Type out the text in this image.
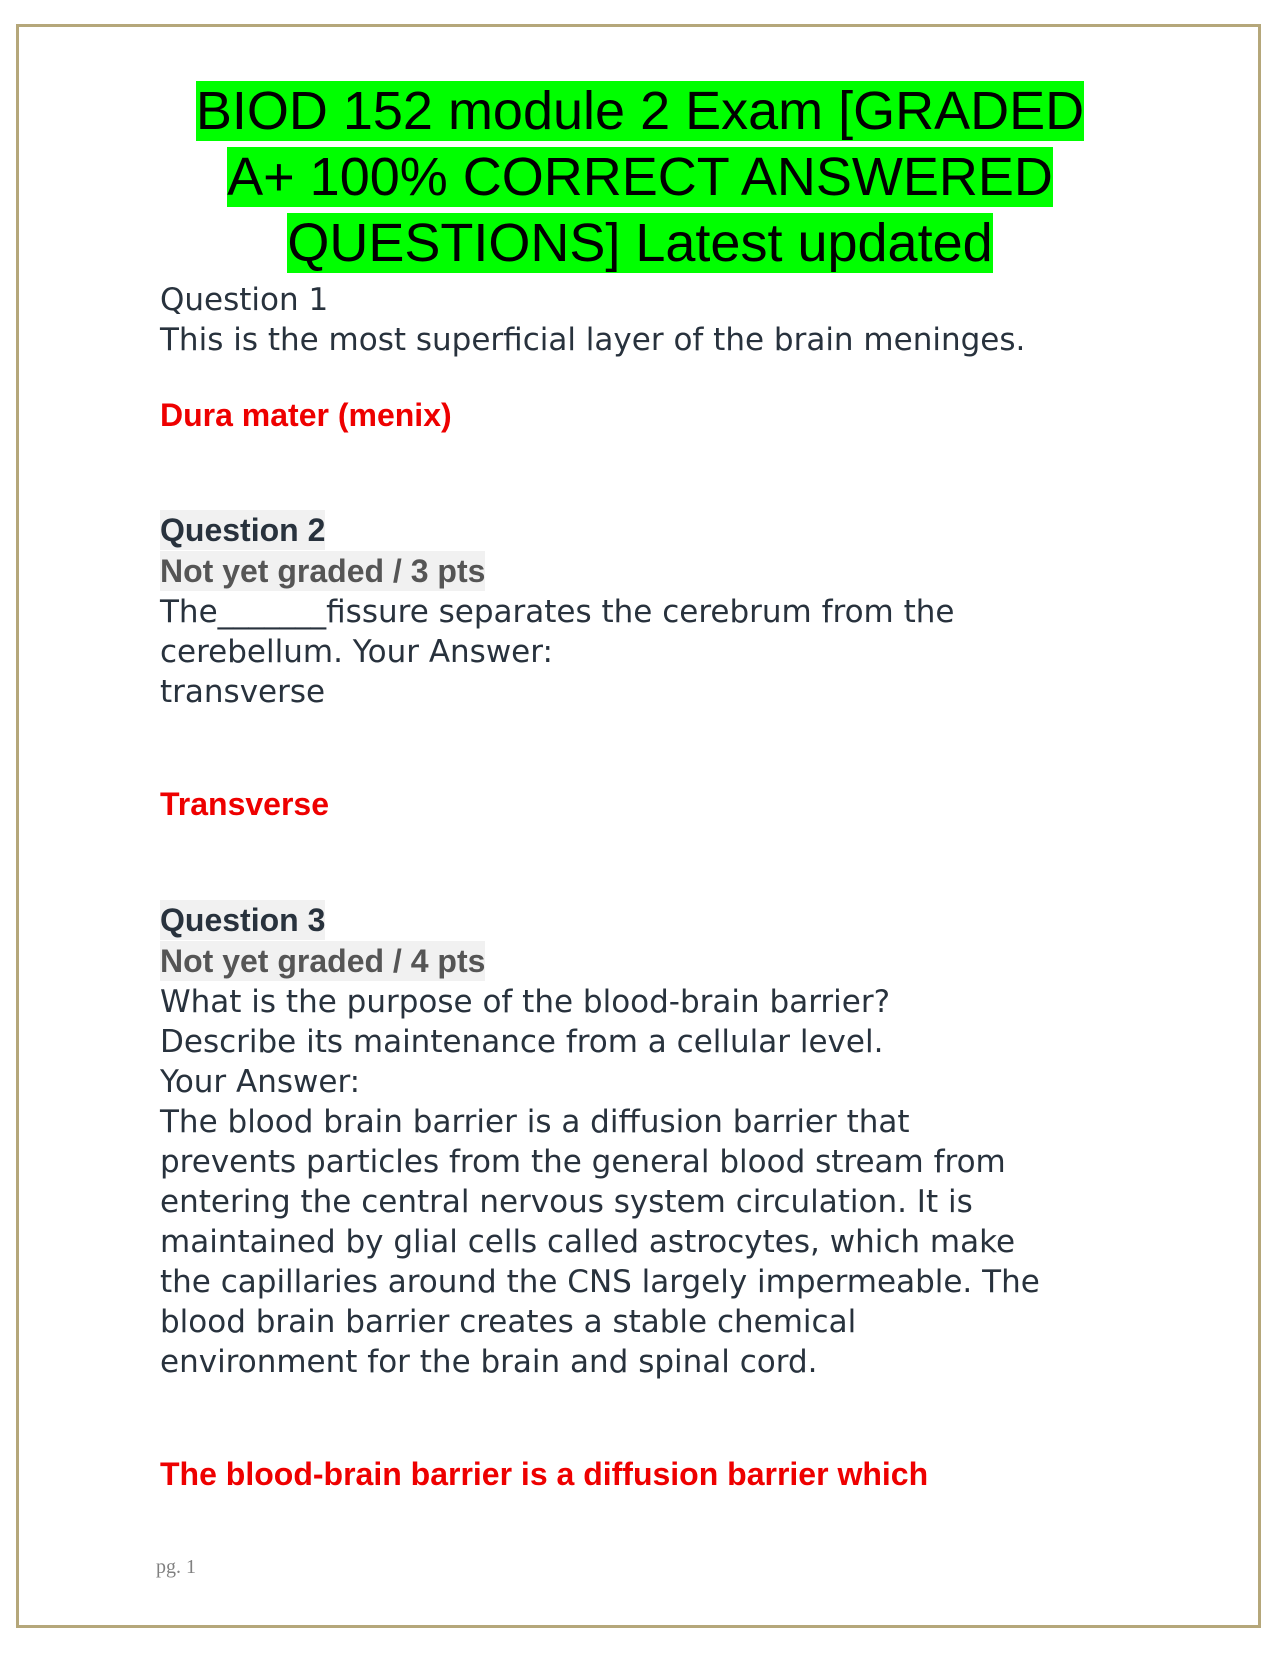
BIOD 152 module 2 Exam [GRADED
A+ 100% CORRECT ANSWERED
QUESTIONS] Latest updated
Question 1
This is the most superficial layer of the brain meninges.
Dura mater (menix)
Question 2
Not yet graded / 3 pts
The_______fissure separates the cerebrum from the
cerebellum. Your Answer:
transverse
Transverse
Question 3
Not yet graded / 4 pts
What is the purpose of the blood-brain barrier?
Describe its maintenance from a cellular level.
Your Answer:
The blood brain barrier is a diffusion barrier that
prevents particles from the general blood stream from
entering the central nervous system circulation. It is
maintained by glial cells called astrocytes, which make
the capillaries around the CNS largely impermeable. The
blood brain barrier creates a stable chemical
environment for the brain and spinal cord.
The blood-brain barrier is a diffusion barrier which
pg. 1
